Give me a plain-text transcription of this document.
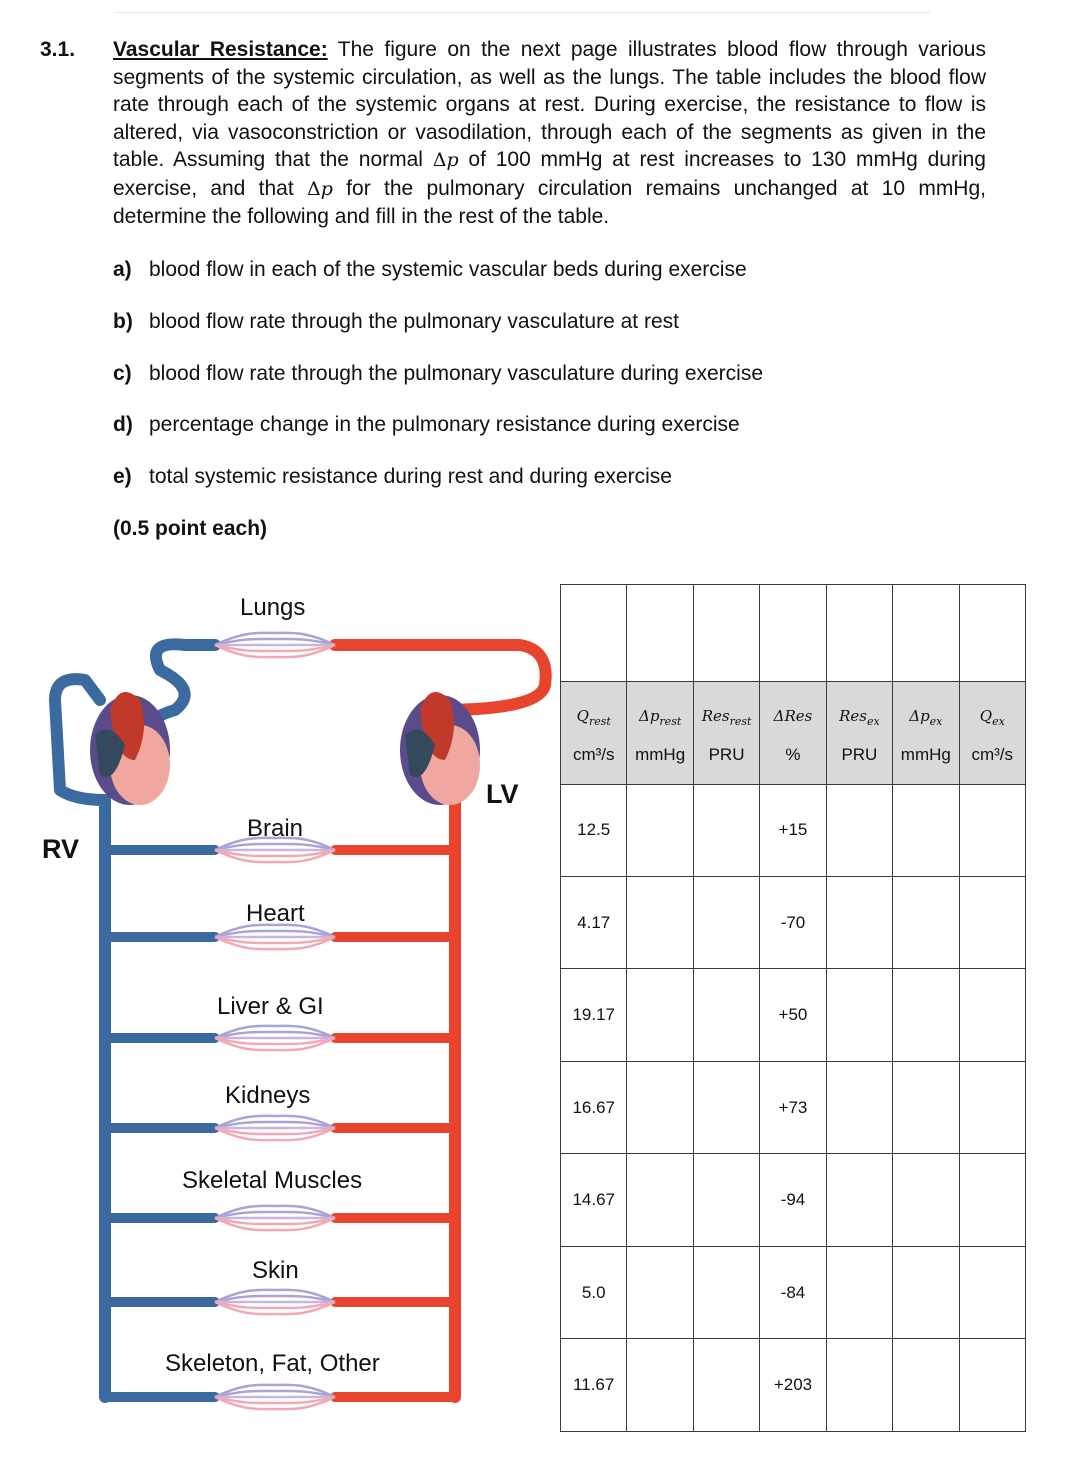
3.1. Vascular Resistance: The figure on the next page illustrates blood flow through various segments of the systemic circulation, as well as the lungs. The table includes the blood flow rate through each of the systemic organs at rest. During exercise, the resistance to flow is altered, via vasoconstriction or vasodilation, through each of the segments as given in the table. Assuming that the normal Δp of 100 mmHg at rest increases to 130 mmHg during exercise, and that Δp for the pulmonary circulation remains unchanged at 10 mmHg, determine the following and fill in the rest of the table.

a) blood flow in each of the systemic vascular beds during exercise
b) blood flow rate through the pulmonary vasculature at rest
c) blood flow rate through the pulmonary vasculature during exercise
d) percentage change in the pulmonary resistance during exercise
e) total systemic resistance during rest and during exercise
(0.5 point each)
Lungs
RV
LV
Brain
Heart
Liver & GI
Kidneys
Skeletal Muscles
Skin
Skeleton, Fat, Other

$Q_{rest}$	$\Delta p_{rest}$	Res$_{rest}$	ΔRes	Res$_{ex}$	$\Delta p_{ex}$	$Q_{ex}$
cm³/s	mmHg	PRU	%	PRU	mmHg	cm³/s
12.5			+15			
4.17			-70			
19.17			+50			
16.67			+73			
14.67			-94			
5.0			-84			
11.67			+203			
